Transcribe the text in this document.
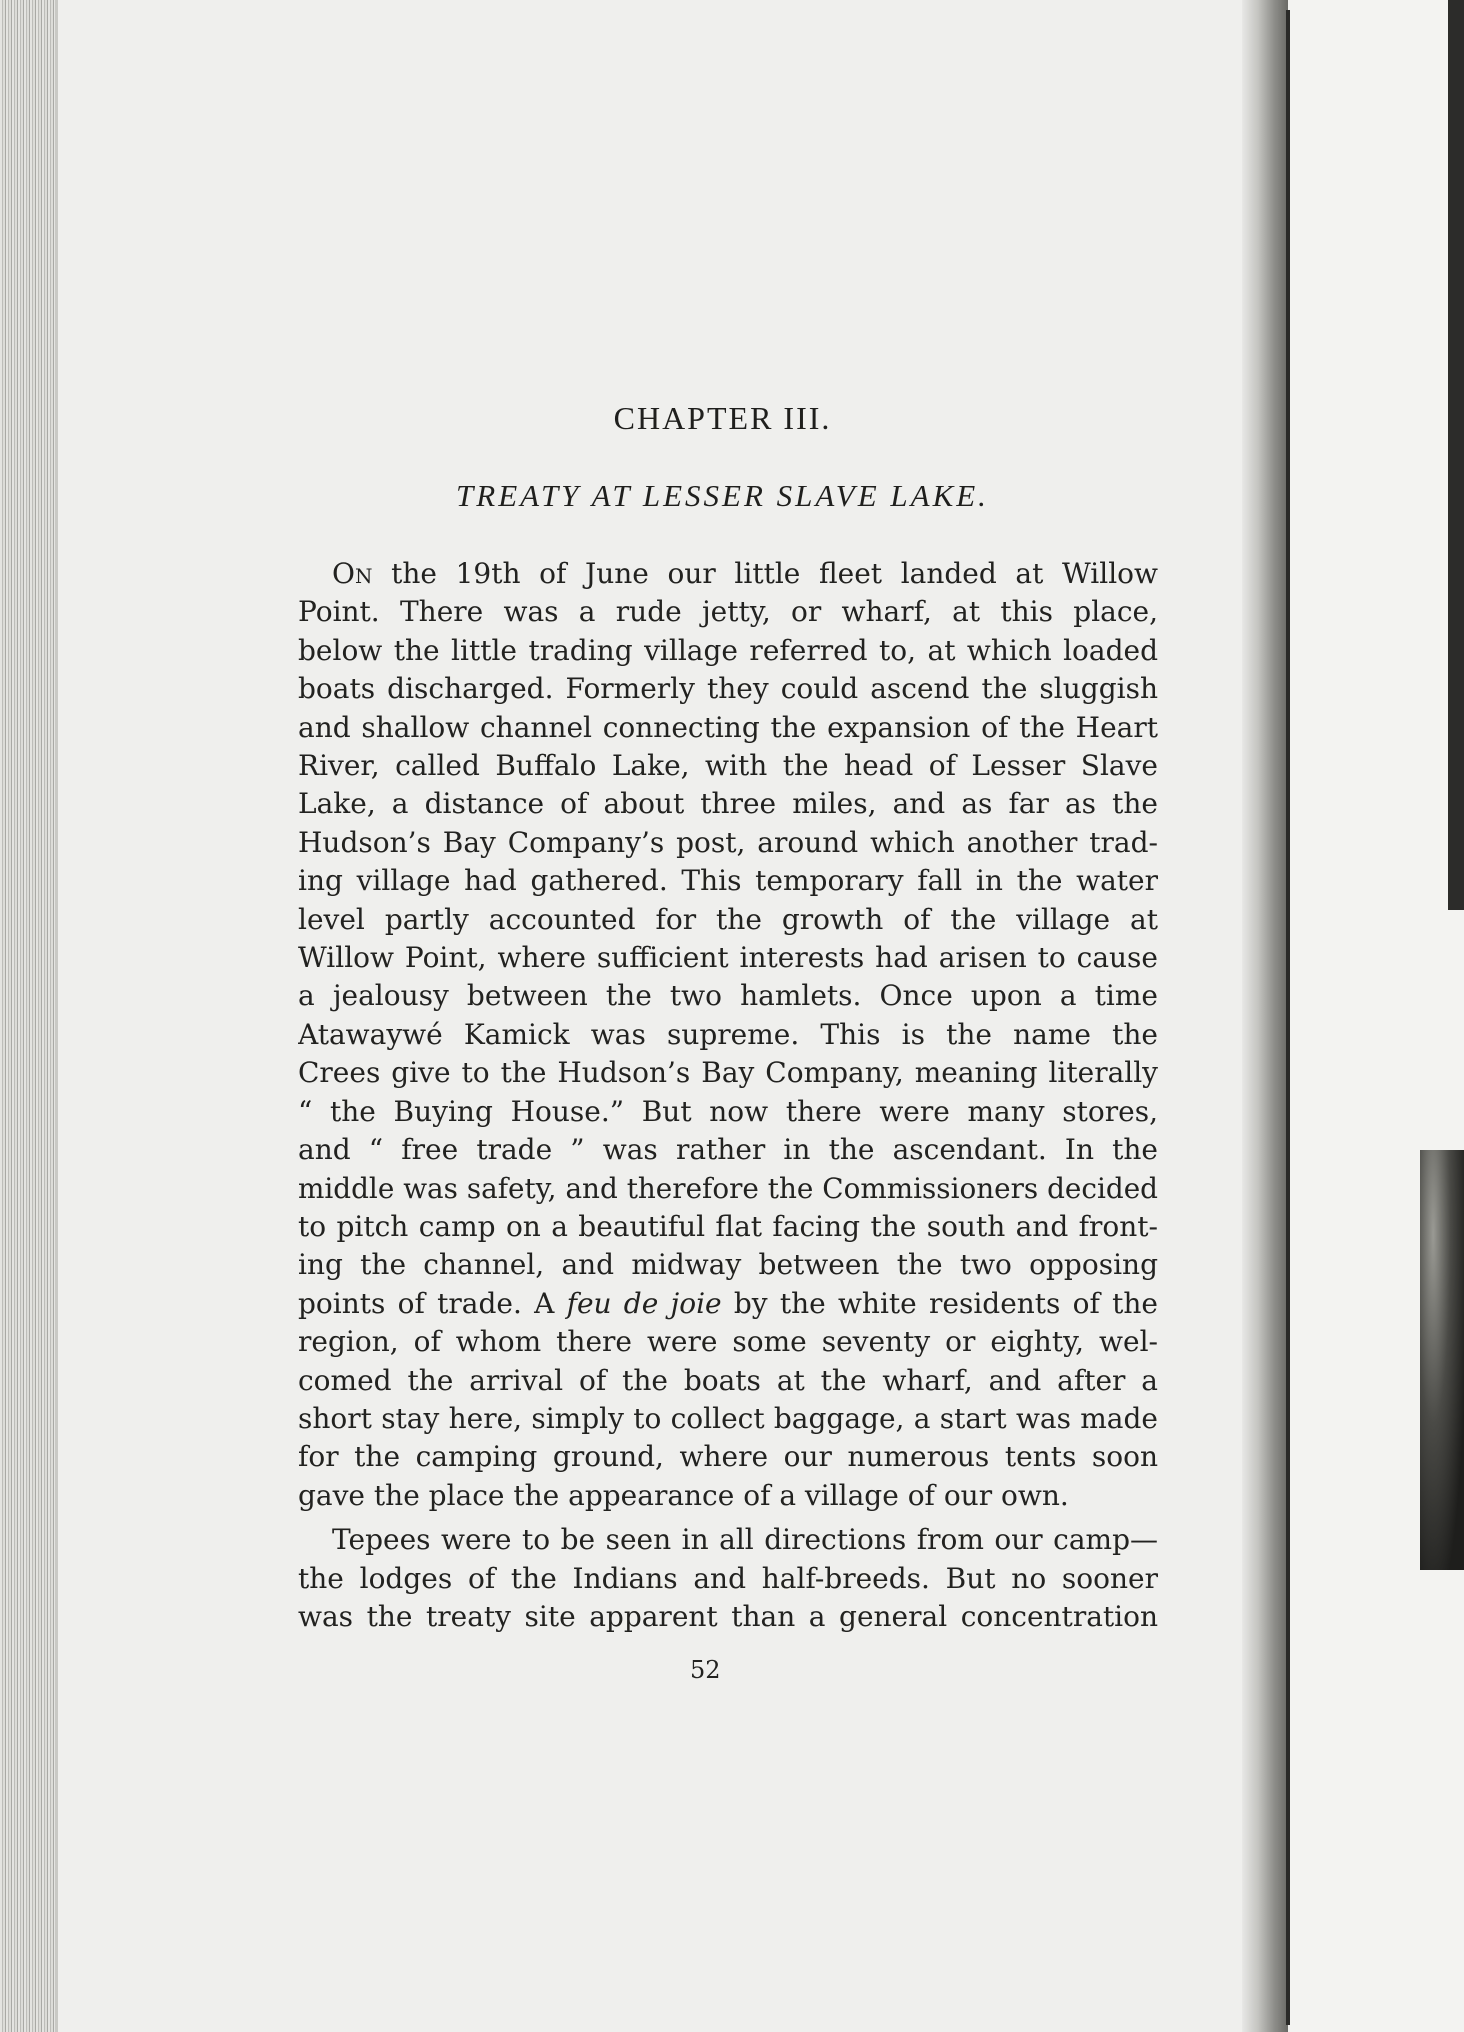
CHAPTER III.
TREATY AT LESSER SLAVE LAKE.
On the 19th of June our little fleet landed at Willow
Point. There was a rude jetty, or wharf, at this place,
below the little trading village referred to, at which loaded
boats discharged. Formerly they could ascend the sluggish
and shallow channel connecting the expansion of the Heart
River, called Buffalo Lake, with the head of Lesser Slave
Lake, a distance of about three miles, and as far as the
Hudson’s Bay Company’s post, around which another trad-
ing village had gathered. This temporary fall in the water
level partly accounted for the growth of the village at
Willow Point, where sufficient interests had arisen to cause
a jealousy between the two hamlets. Once upon a time
Atawaywé Kamick was supreme. This is the name the
Crees give to the Hudson’s Bay Company, meaning literally
“ the Buying House.” But now there were many stores,
and “ free trade ” was rather in the ascendant. In the
middle was safety, and therefore the Commissioners decided
to pitch camp on a beautiful flat facing the south and front-
ing the channel, and midway between the two opposing
points of trade. A feu de joie by the white residents of the
region, of whom there were some seventy or eighty, wel-
comed the arrival of the boats at the wharf, and after a
short stay here, simply to collect baggage, a start was made
for the camping ground, where our numerous tents soon
gave the place the appearance of a village of our own.
Tepees were to be seen in all directions from our camp—
the lodges of the Indians and half-breeds. But no sooner
was the treaty site apparent than a general concentration
52
